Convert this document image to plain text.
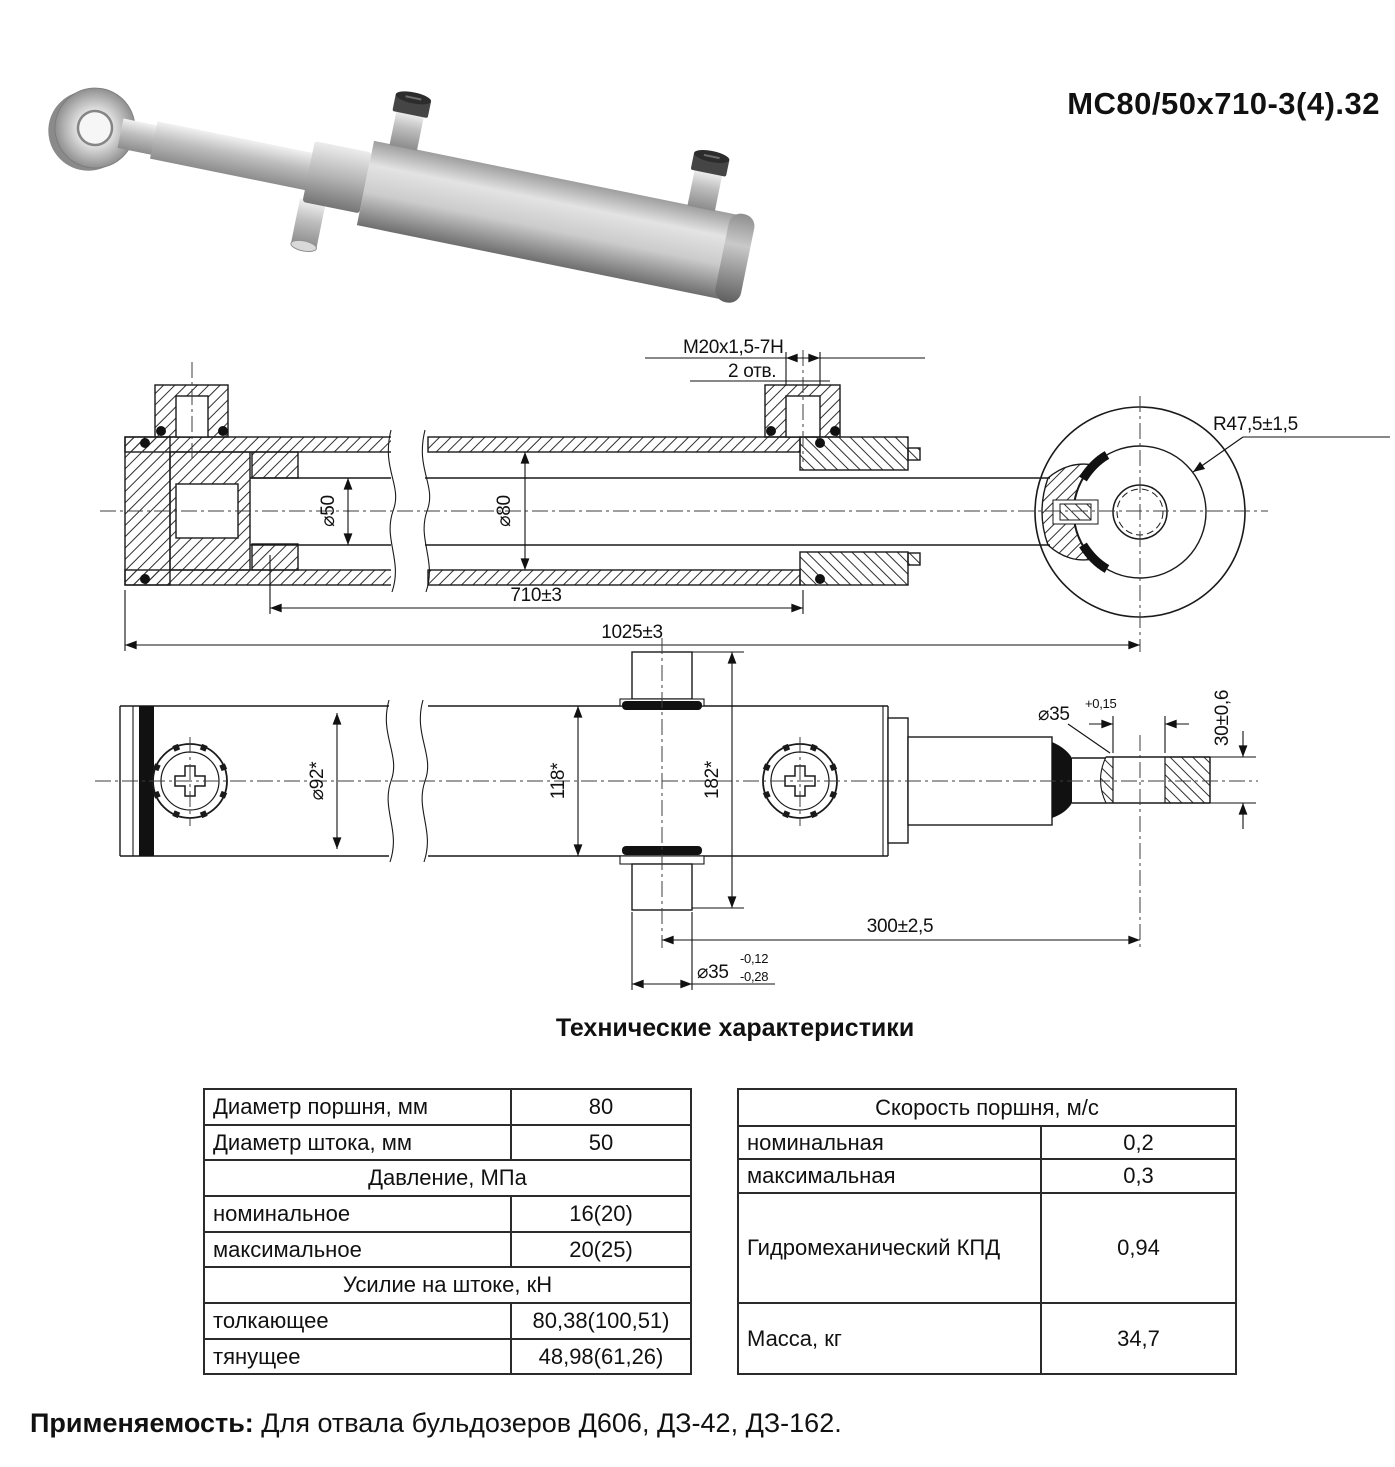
МС80/50х710-3(4).32
M20x1,5-7H
2 отв.
R47,5±1,5
⌀50	⌀80
710±3
1025±3
⌀92*	118*	182*
⌀35
+0,15	30±0,6
300±2,5
⌀35
-0,12
-0,28
Технические характеристики
Диаметр поршня, мм	80
Диаметр штока, мм	50
Давление, МПа	
номинальное	16(20)
максимальное	20(25)
Усилие на штоке, кН	
толкающее	80,38(100,51)
тянущее	48,98(61,26)
Скорость поршня, м/с	
номинальная	0,2
максимальная	0,3
Гидромеханический КПД	0,94
Масса, кг	34,7
Применяемость: Для отвала бульдозеров Д606, ДЗ-42, ДЗ-162.
